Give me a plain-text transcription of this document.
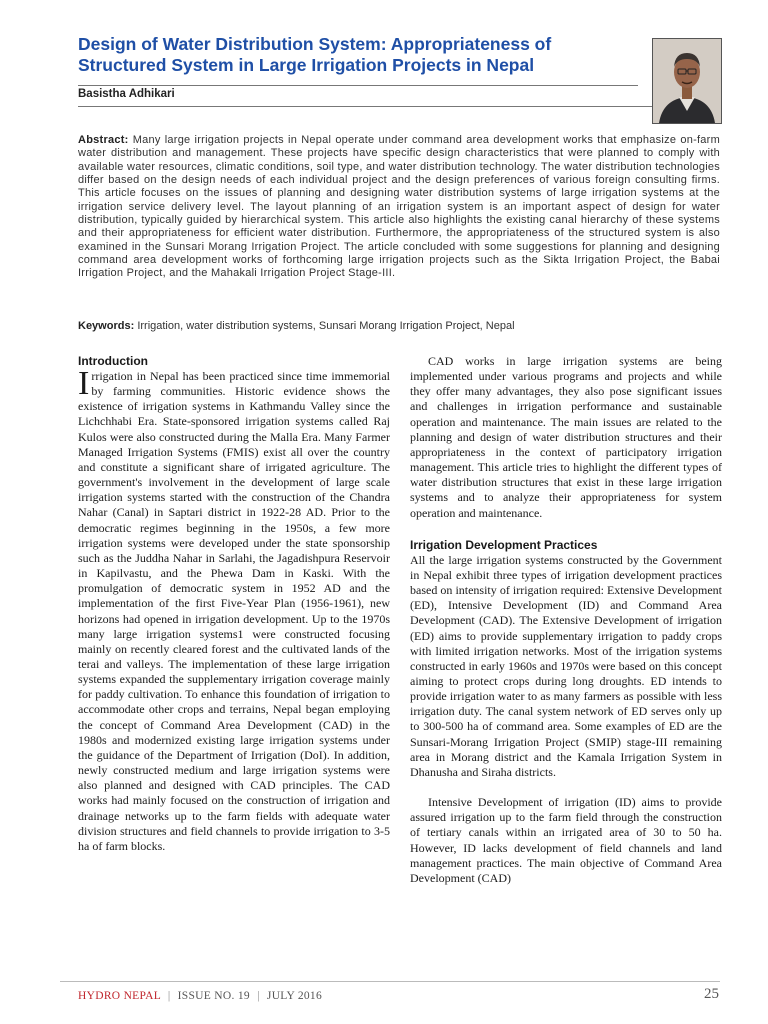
Design of Water Distribution System: Appropriateness of Structured System in Large Irrigation Projects in Nepal
Basistha Adhikari

Abstract: Many large irrigation projects in Nepal operate under command area development works that emphasize on-farm water distribution and management. These projects have specific design characteristics that were planned to comply with available water resources, climatic conditions, soil type, and water distribution technology. The water distribution technologies differ based on the design needs of each individual project and the design preferences of various foreign consulting firms. This article focuses on the issues of planning and designing water distribution systems of large irrigation systems at the irrigation service delivery level. The layout planning of an irrigation system is an important aspect of design for water distribution, typically guided by hierarchical system. This article also highlights the existing canal hierarchy of these systems and their appropriateness for efficient water distribution. Furthermore, the appropriateness of the structured system is also examined in the Sunsari Morang Irrigation Project. The article concluded with some suggestions for planning and designing command area development works of forthcoming large irrigation projects such as the Sikta Irrigation Project, the Babai Irrigation Project, and the Mahakali Irrigation Project Stage-III.

Keywords: Irrigation, water distribution systems, Sunsari Morang Irrigation Project, Nepal

Introduction

Irrigation in Nepal has been practiced since time immemorial by farming communities. Historic evidence shows the existence of irrigation systems in Kathmandu Valley since the Lichchhabi Era. State-sponsored irrigation systems called Raj Kulos were also constructed during the Malla Era. Many Farmer Managed Irrigation Systems (FMIS) exist all over the country and constitute a significant share of irrigated agriculture. The government's involvement in the development of large scale irrigation systems started with the construction of the Chandra Nahar (Canal) in Saptari district in 1922-28 AD. Prior to the democratic regimes beginning in the 1950s, a few more irrigation systems were developed under the state sponsorship such as the Juddha Nahar in Sarlahi, the Jagadishpura Reservoir in Kapilvastu, and the Phewa Dam in Kaski. With the promulgation of democratic system in 1952 AD and the implementation of the first Five-Year Plan (1956-1961), new horizons had opened in irrigation development. Up to the 1970s many large irrigation systems1 were constructed focusing mainly on recently cleared forest and the cultivated lands of the terai and valleys. The implementation of these large irrigation systems expanded the supplementary irrigation coverage mainly for paddy cultivation. To enhance this foundation of irrigation to accommodate other crops and terrains, Nepal began employing the concept of Command Area Development (CAD) in the 1980s and modernized existing large irrigation systems under the guidance of the Department of Irrigation (DoI). In addition, newly constructed medium and large irrigation systems were also planned and designed with CAD principles. The CAD works had mainly focused on the construction of irrigation and drainage networks up to the farm fields with adequate water division structures and field channels to provide irrigation to 3-5 ha of farm blocks.

CAD works in large irrigation systems are being implemented under various programs and projects and while they offer many advantages, they also pose significant issues and challenges in irrigation performance and sustainable operation and maintenance. The main issues are related to the planning and design of water distribution structures and their appropriateness in the context of participatory irrigation management. This article tries to highlight the different types of water distribution structures that exist in these large irrigation systems and to analyze their appropriateness for system operation and maintenance.

Irrigation Development Practices

All the large irrigation systems constructed by the Government in Nepal exhibit three types of irrigation development practices based on intensity of irrigation required: Extensive Development (ED), Intensive Development (ID) and Command Area Development (CAD). The Extensive Development of irrigation (ED) aims to provide supplementary irrigation to paddy crops with limited irrigation networks. Most of the irrigation systems constructed in early 1960s and 1970s were based on this concept aiming to protect crops during long droughts. ED intends to provide irrigation water to as many farmers as possible with less irrigation duty. The canal system network of ED serves only up to 300-500 ha of command area. Some examples of ED are the Sunsari-Morang Irrigation Project (SMIP) stage-III remaining area in Morang district and the Kamala Irrigation System in Dhanusha and Siraha districts.

Intensive Development of irrigation (ID) aims to provide assured irrigation up to the farm field through the construction of tertiary canals within an irrigated area of 30 to 50 ha. However, ID lacks development of field channels and land management practices. The main objective of Command Area Development (CAD)

HYDRO NEPAL | ISSUE NO. 19 | JULY 2016	25
